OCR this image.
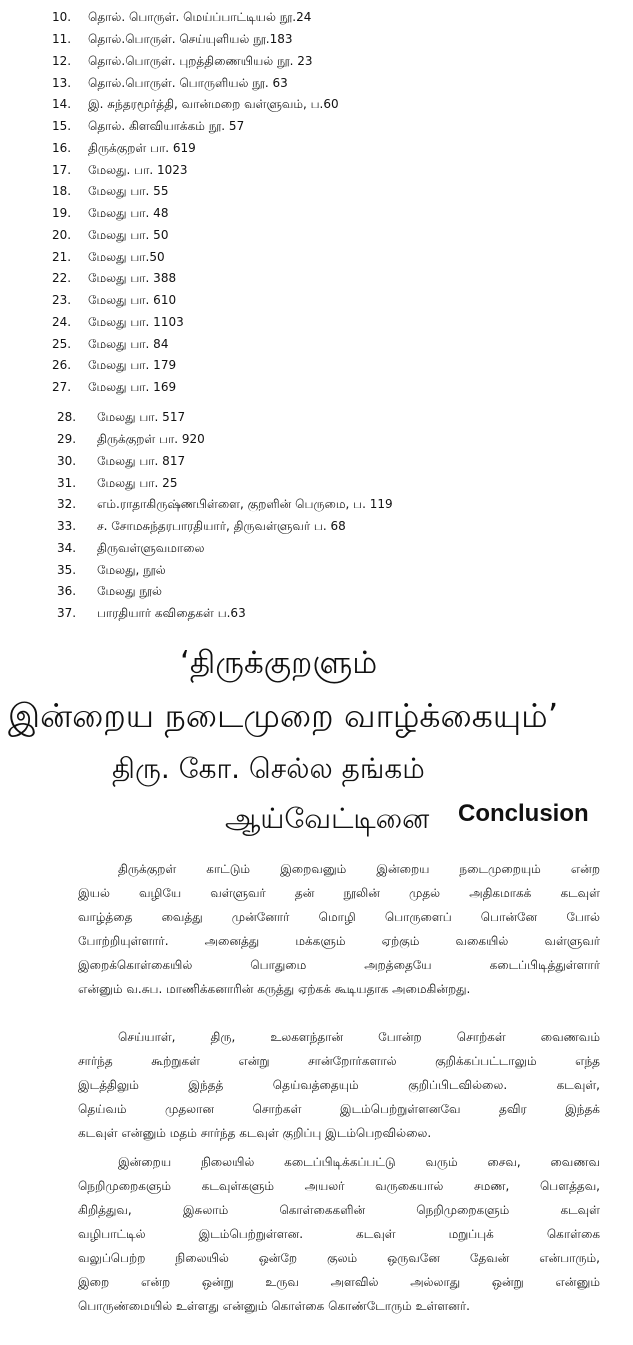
10. தொல். பொருள். மெய்ப்பாட்டியல் நூ.24
11. தொல்.பொருள். செய்யுளியல் நூ.183
12. தொல்.பொருள். புறத்திணையியல் நூ. 23
13. தொல்.பொருள். பொருளியல் நூ. 63
14. இ. சுந்தரமூர்த்தி, வான்மறை வள்ளுவம், ப.60
15. தொல். கிளவியாக்கம் நூ. 57
16. திருக்குறள் பா. 619
17. மேலது. பா. 1023
18. மேலது பா. 55
19. மேலது பா. 48
20. மேலது பா. 50
21. மேலது பா.50
22. மேலது பா. 388
23. மேலது பா. 610
24. மேலது பா. 1103
25. மேலது பா. 84
26. மேலது பா. 179
27. மேலது பா. 169
28. மேலது பா. 517
29. திருக்குறள் பா. 920
30. மேலது பா. 817
31. மேலது பா. 25
32. எம்.ராதாகிருஷ்ணபிள்ளை, குறளின் பெருமை, ப. 119
33. ச. சோமசுந்தரபாரதியார், திருவள்ளுவர் ப. 68
34. திருவள்ளுவமாலை
35. மேலது, நூல்
36. மேலது நூல்
37. பாரதியார் கவிதைகள் ப.63
‘திருக்குறளும்
இன்றைய நடைமுறை வாழ்க்கையும்’
திரு. கோ. செல்ல தங்கம்
ஆய்வேட்டினை Conclusion
திருக்குறள் காட்டும் இறைவனும் இன்றைய நடைமுறையும் என்ற
இயல் வழியே வள்ளுவர் தன் நூலின் முதல் அதிகமாகக் கடவுள்
வாழ்த்தை வைத்து முன்னோர் மொழி பொருளைப் பொன்னே போல்
போற்றியுள்ளார். அனைத்து மக்களும் ஏற்கும் வகையில் வள்ளுவர்
இறைக்கொள்கையில் பொதுமை அறத்தையே கடைப்பிடித்துள்ளார்
என்னும் வ.சுப. மாணிக்கனாரின் கருத்து ஏற்கக் கூடியதாக அமைகின்றது.
செய்யாள், திரு, உலகளந்தான் போன்ற சொற்கள் வைணவம்
சார்ந்த கூற்றுகள் என்று சான்றோர்களால் குறிக்கப்பட்டாலும் எந்த
இடத்திலும் இந்தத் தெய்வத்தையும் குறிப்பிடவில்லை. கடவுள்,
தெய்வம் முதலான சொற்கள் இடம்பெற்றுள்ளனவே தவிர இந்தக்
கடவுள் என்னும் மதம் சார்ந்த கடவுள் குறிப்பு இடம்பெறவில்லை.
இன்றைய நிலையில் கடைப்பிடிக்கப்பட்டு வரும் சைவ, வைணவ
நெறிமுறைகளும் கடவுள்களும் அயலர் வருகையால் சமண, பௌத்தவ,
கிறித்துவ, இசுலாம் கொள்கைகளின் நெறிமுறைகளும் கடவுள்
வழிபாட்டில் இடம்பெற்றுள்ளன. கடவுள் மறுப்புக் கொள்கை
வலுப்பெற்ற நிலையில் ஒன்றே குலம் ஒருவனே தேவன் என்பாரும்,
இறை என்ற ஒன்று உருவ அளவில் அல்லாது ஒன்று என்னும்
பொருண்மையில் உள்ளது என்னும் கொள்கை கொண்டோரும் உள்ளனர்.
